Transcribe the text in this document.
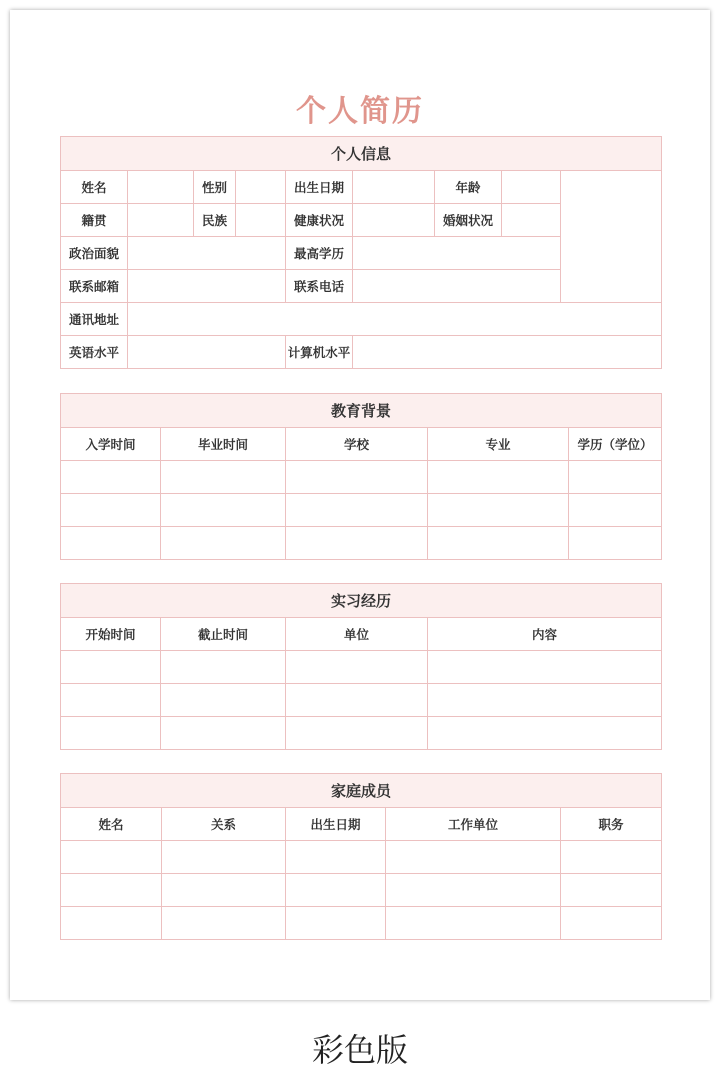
个人简历
个人信息								
姓名		性别		出生日期		年龄		
籍贯		民族		健康状况		婚姻状况		
政治面貌				最高学历				
联系邮箱				联系电话				
通讯地址								
英语水平				计算机水平				
教育背景				
入学时间	毕业时间	学校	专业	学历（学位）

实习经历			
开始时间	截止时间	单位	内容

家庭成员				
姓名	关系	出生日期	工作单位	职务

彩色版
